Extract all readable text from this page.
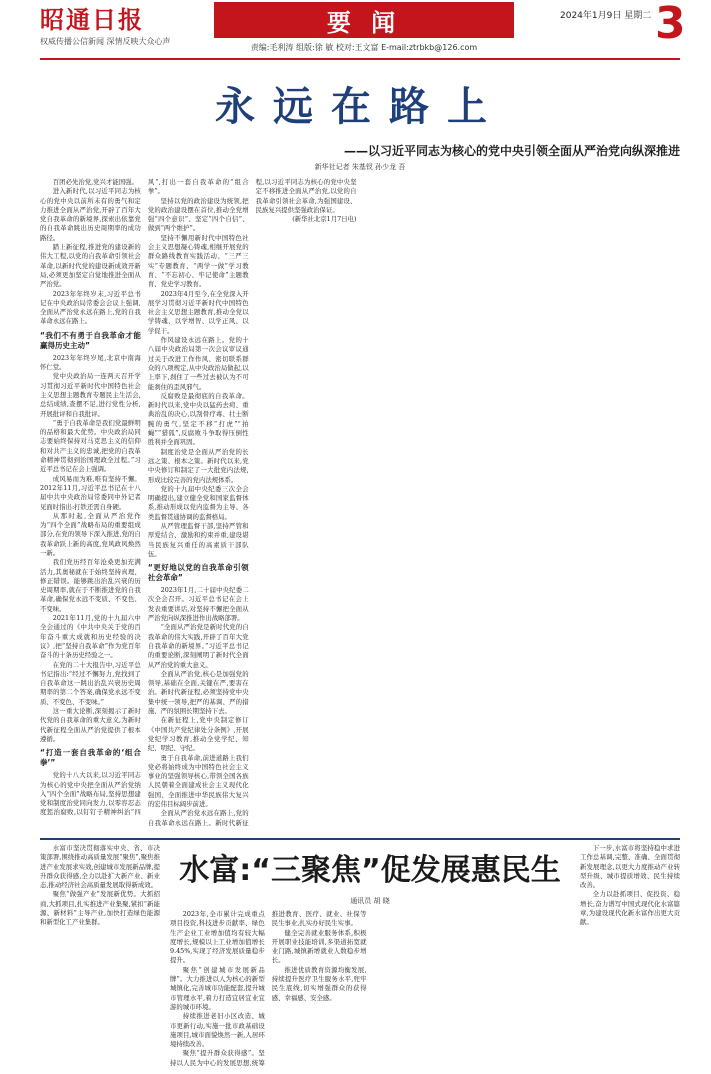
昭通日报
权威传播公信新闻 深情反映大众心声
要 闻	2024年1月9日 星期二 3
责编:毛利涛 组版:徐 敏 校对:王文富 E-mail:ztrbkb@126.com
永远在路上
——以习近平同志为核心的党中央引领全面从严治党向纵深推进
新华社记者 朱基钗 孙少龙 吾

百团必先治党,党兴才能国强。

进入新时代,以习近平同志为核心的党中央以前所未有的勇气和定力推进全面从严治党,开辟了百年大党自我革命的新境界,探索出依靠党的自我革命跳出历史周期率的成功路径。

踏上新征程,推进党的建设新的伟大工程,以党的自我革命引领社会革命,以新时代党的建设新成效开新局,必须更加坚定自觉地推进全面从严治党。

2023年年终岁末,习近平总书记在中央政治局常委会会议上强调,全面从严治党永远在路上,党的自我革命永远在路上。

“我们不有勇于自我革命才能赢得历史主动”

2023年年终岁尾,北京中南海怀仁堂。

党中央政治局一连两天召开学习贯彻习近平新时代中国特色社会主义思想主题教育专题民主生活会,总结成绩,查摆不足,进行党性分析,开展批评和自我批评。

“勇于自我革命是我们党最鲜明的品格和最大优势。中央政治局同志要始终保持对马克思主义的信仰和对共产主义的忠诚,把党的自我革命精神贯彻到治国理政全过程。”习近平总书记在会上强调。

成风易而为难,唯有坚持不懈。2012年11月,习近平总书记在十八届中共中央政治局常委同中外记者见面时指出:打铁还需自身硬。

从那时起,全面从严治党作为“四个全面”战略布局的重要组成部分,在党的领导下深入推进,党的自我革命跃上新的高度,党风政风焕然一新。

我们党历经百年沧桑更加充满活力,其奥秘就在于始终坚持真理、修正错误。能够跳出治乱兴衰的历史周期率,就在于不断推进党的自我革命,确保党永远不变质、不变色、不变味。

2021年11月,党的十九届六中全会通过的《中共中央关于党的百年奋斗重大成就和历史经验的决议》,把“坚持自我革命”作为党百年奋斗的十条历史经验之一。

在党的二十大报告中,习近平总书记指出:“经过不懈努力,党找到了自我革命这一跳出治乱兴衰历史周期率的第二个答案,确保党永远不变质、不变色、不变味。”

这一重大论断,深刻揭示了新时代党的自我革命的重大意义,为新时代新征程全面从严治党提供了根本遵循。

“打造一套自我革命的‘组合拳’”

党的十八大以来,以习近平同志为核心的党中央把全面从严治党纳入“四个全面”战略布局,坚持思想建党和制度治党同向发力,以零容忍态度惩治腐败,以钉钉子精神纠治“四风”,打出一套自我革命的“组合拳”。

坚持以党的政治建设为统领,把党的政治建设摆在首位,推动全党增强“四个意识”、坚定“四个自信”、做到“两个维护”。

坚持不懈用新时代中国特色社会主义思想凝心铸魂,相继开展党的群众路线教育实践活动、“三严三实”专题教育、“两学一做”学习教育、“不忘初心、牢记使命”主题教育、党史学习教育。

2023年4月至今,在全党深入开展学习贯彻习近平新时代中国特色社会主义思想主题教育,推动全党以学铸魂、以学增智、以学正风、以学促干。

作风建设永远在路上。党的十八届中央政治局第一次会议审议通过关于改进工作作风、密切联系群众的八项规定,从中央政治局做起,以上率下,刹住了一些过去被认为不可能刹住的歪风邪气。

反腐败是最彻底的自我革命。新时代以来,党中央以猛药去疴、重典治乱的决心,以刮骨疗毒、壮士断腕的勇气,坚定不移“打虎”“拍蝇”“猎狐”,反腐败斗争取得压倒性胜利并全面巩固。

制度治党是全面从严治党的长远之策、根本之策。新时代以来,党中央修订和制定了一大批党内法规,形成比较完善的党内法规体系。

党的十九届中央纪委三次全会明确提出,建立健全党和国家监督体系,推动形成以党内监督为主导、各类监督贯通协调的监督格局。

从严管理监督干部,坚持严管和厚爱结合、激励和约束并重,建设堪当民族复兴重任的高素质干部队伍。

“更好地以党的自我革命引领社会革命”

2023年1月,二十届中央纪委二次全会召开。习近平总书记在会上发表重要讲话,对坚持不懈把全面从严治党向纵深推进作出战略部署。

“全面从严治党是新时代党的自我革命的伟大实践,开辟了百年大党自我革命的新境界。”习近平总书记的重要论断,深刻阐明了新时代全面从严治党的重大意义。

全面从严治党,核心是加强党的领导,基础在全面,关键在严,要害在治。新时代新征程,必须坚持党中央集中统一领导,把严的基调、严的措施、严的氛围长期坚持下去。

在新征程上,党中央制定修订《中国共产党纪律处分条例》,开展党纪学习教育,推动全党学纪、知纪、明纪、守纪。

勇于自我革命,前进道路上我们党必将始终成为中国特色社会主义事业的坚强领导核心,带领全国各族人民朝着全面建成社会主义现代化强国、全面推进中华民族伟大复兴的宏伟目标阔步前进。

全面从严治党永远在路上,党的自我革命永远在路上。新时代新征程,以习近平同志为核心的党中央坚定不移推进全面从严治党,以党的自我革命引领社会革命,为强国建设、民族复兴提供坚强政治保证。

(新华社北京1月7日电)

水富市坚决贯彻落实中央、省、市决策部署,围绕推动高质量发展“聚焦”,聚焦推进产业发展求实效,创建城市发展新品牌,提升群众获得感,全力以赴扩大新产业、新业态,推动经济社会高质量发展取得新成效。

聚焦“做强产业”发展新优势。大抓招商,大抓项目,扎实推进产业集聚,紧扣“新能源、新材料”主导产业,加快打造绿色能源和新型化工产业集群。

水富:“三聚焦”促发展惠民生
通讯员 胡 晓

2023年,全市累计完成重点项目投资,科技进步贡献率、绿色生产企业工业增加值均有较大幅度增长,规模以上工业增加值增长9.45%,实现了经济发展质量稳步提升。

聚焦“创建城市发展新品牌”。大力推进以人为核心的新型城镇化,完善城市功能配套,提升城市管理水平,着力打造宜居宜业宜游的城市环境。

持续推进老旧小区改造、城市更新行动,实施一批市政基础设施项目,城市面貌焕然一新,人居环境持续改善。

聚焦“提升群众获得感”。坚持以人民为中心的发展思想,统筹推进教育、医疗、就业、社保等民生事业,扎实办好民生实事。

健全完善就业服务体系,积极开展职业技能培训,多渠道拓宽就业门路,城镇新增就业人数稳步增长。

推进优质教育资源均衡发展,持续提升医疗卫生服务水平,兜牢民生底线,切实增强群众的获得感、幸福感、安全感。

下一步,水富市将坚持稳中求进工作总基调,完整、准确、全面贯彻新发展理念,以更大力度推动产业转型升级、城市提质增效、民生持续改善。

全力以赴抓项目、促投资、稳增长,奋力谱写中国式现代化水富篇章,为建设现代化新水富作出更大贡献。
